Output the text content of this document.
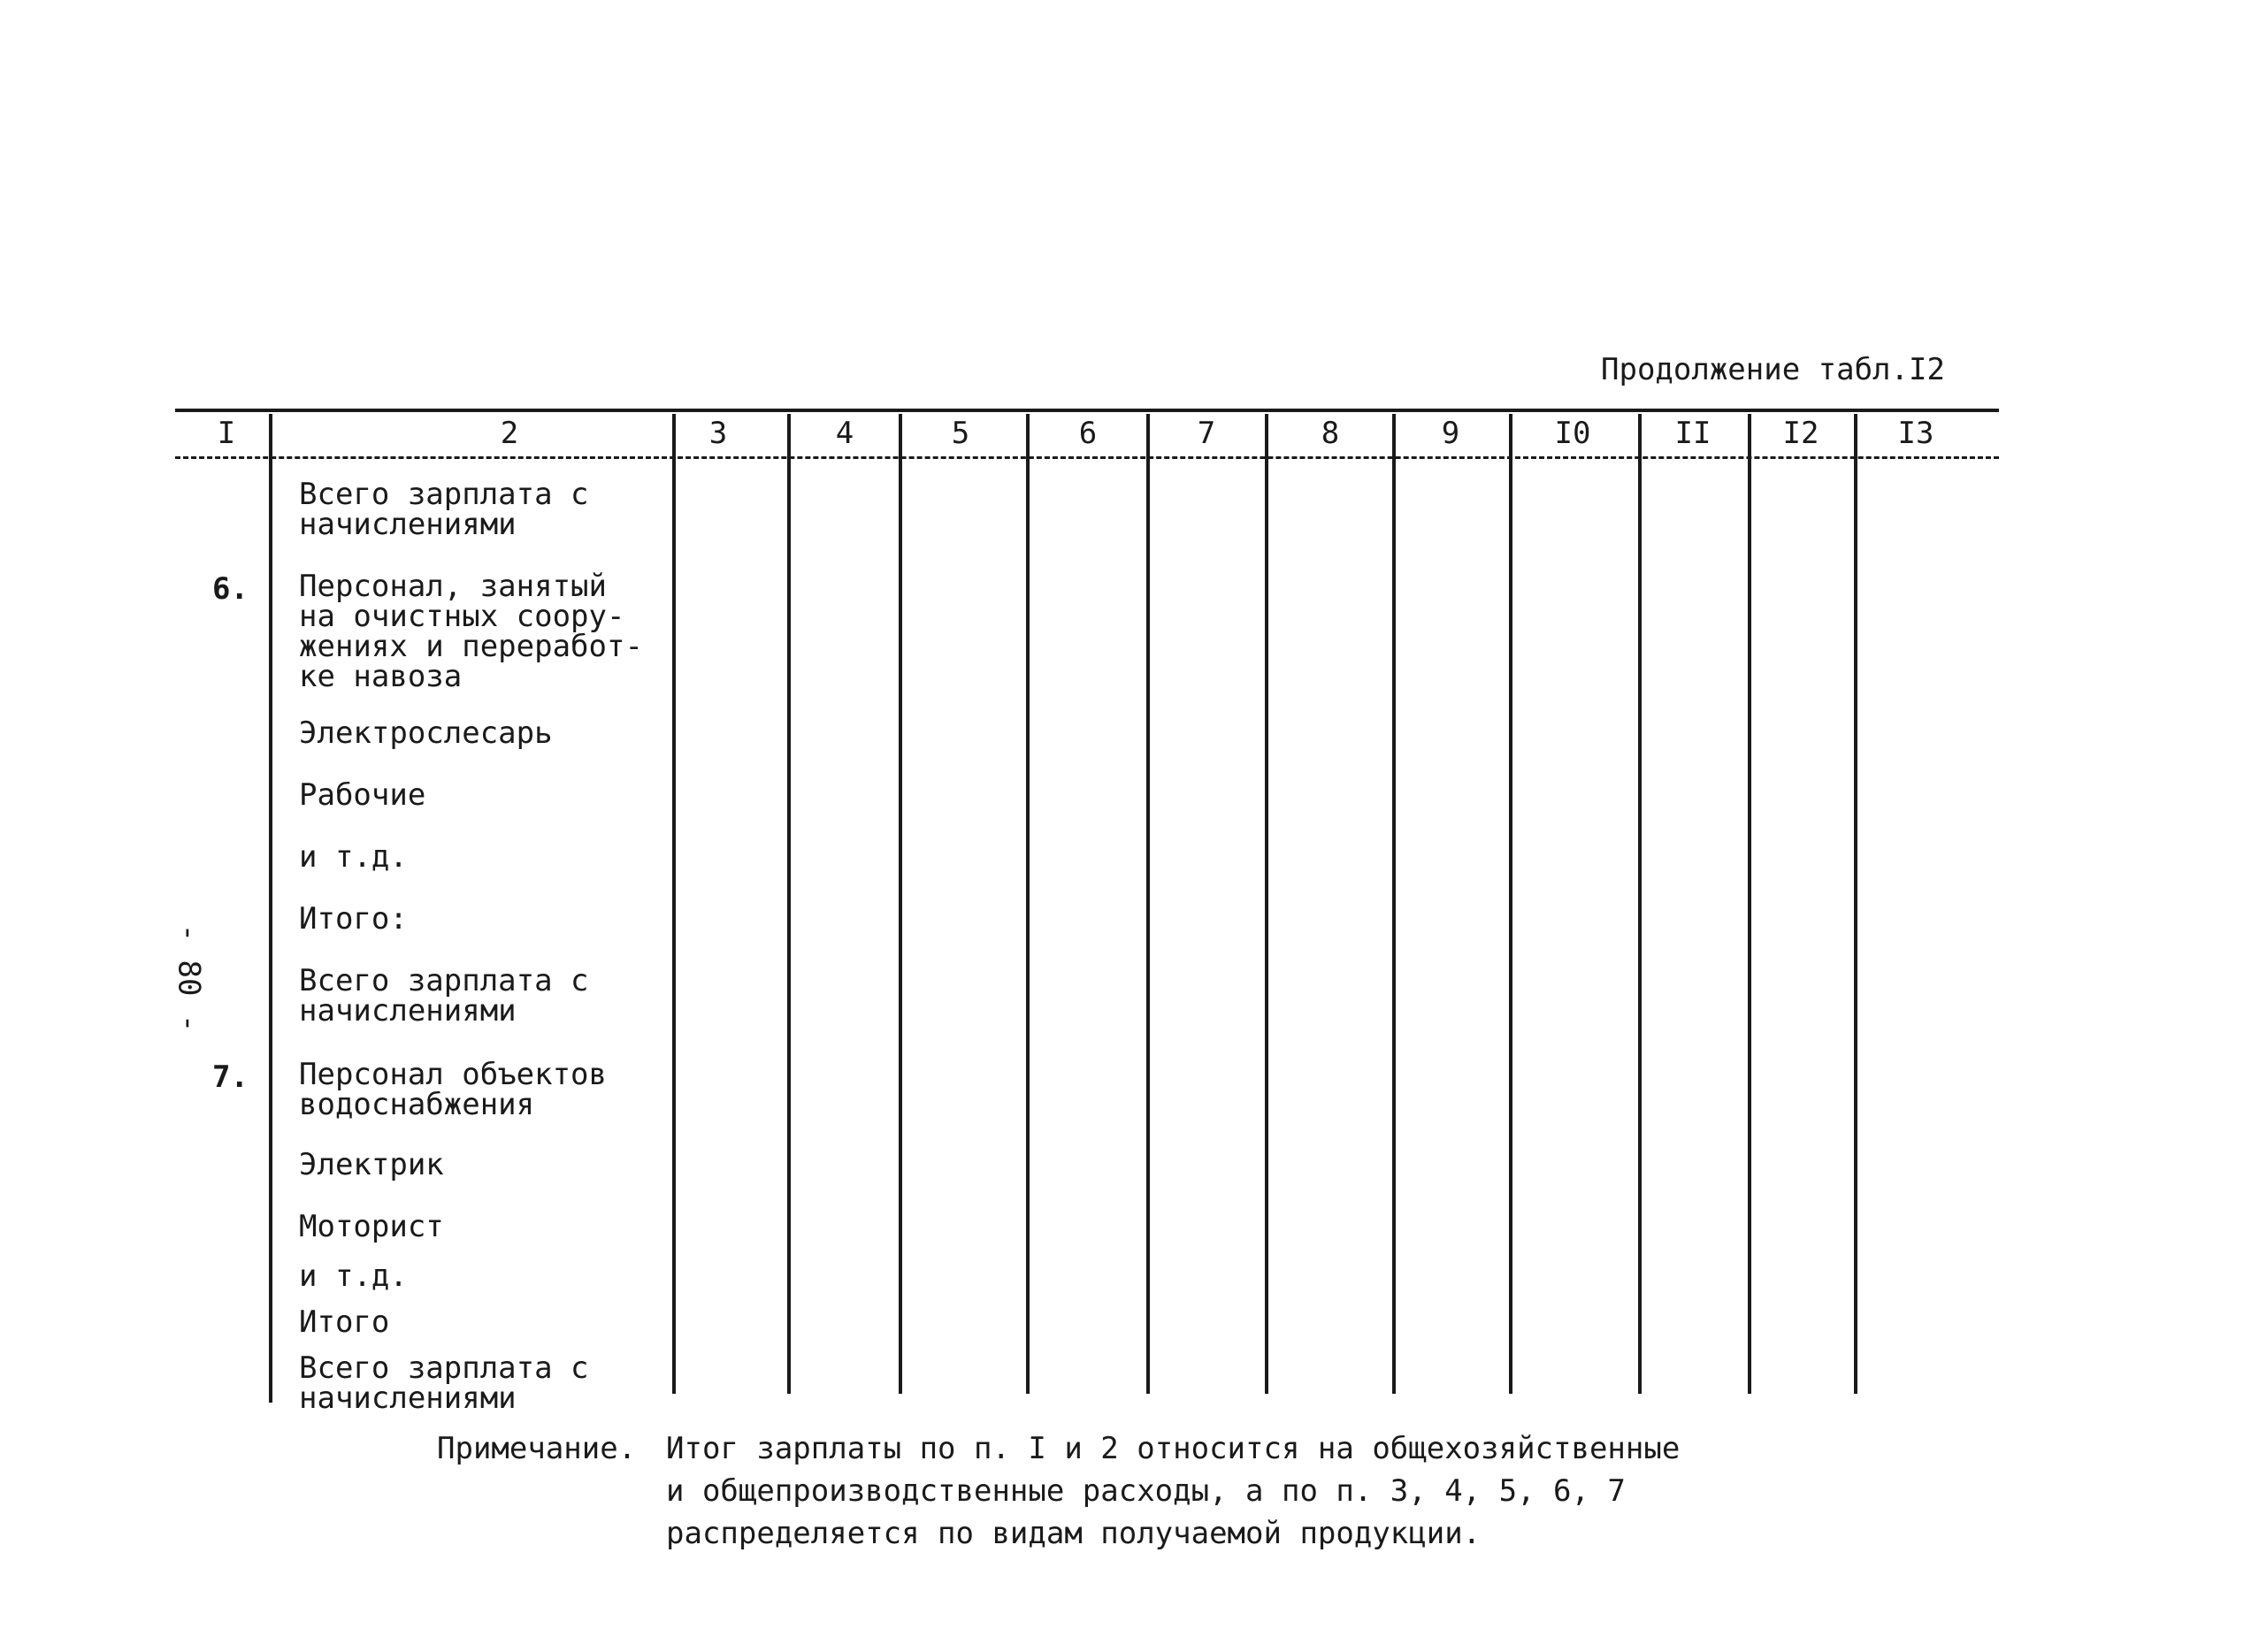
Продолжение табл.I2
- 80 -
I	2	3	4	5	6	7	8	9	I0	II I2	I3
Всего зарплата с
начислениями
6. Персонал, занятый
на очистных соору-
жениях и переработ-
ке навоза
Электрослесарь
Рабочие
и т.д.
Итого:
Всего зарплата с
начислениями
7. Персонал объектов
водоснабжения
Электрик
Моторист
и т.д.
Итого
Всего зарплата с
начислениями
Примечание. Итог зарплаты по п. I и 2 относится на общехозяйственные
и общепроизводственные расходы, а по п. 3, 4, 5, 6, 7
распределяется по видам получаемой продукции.
